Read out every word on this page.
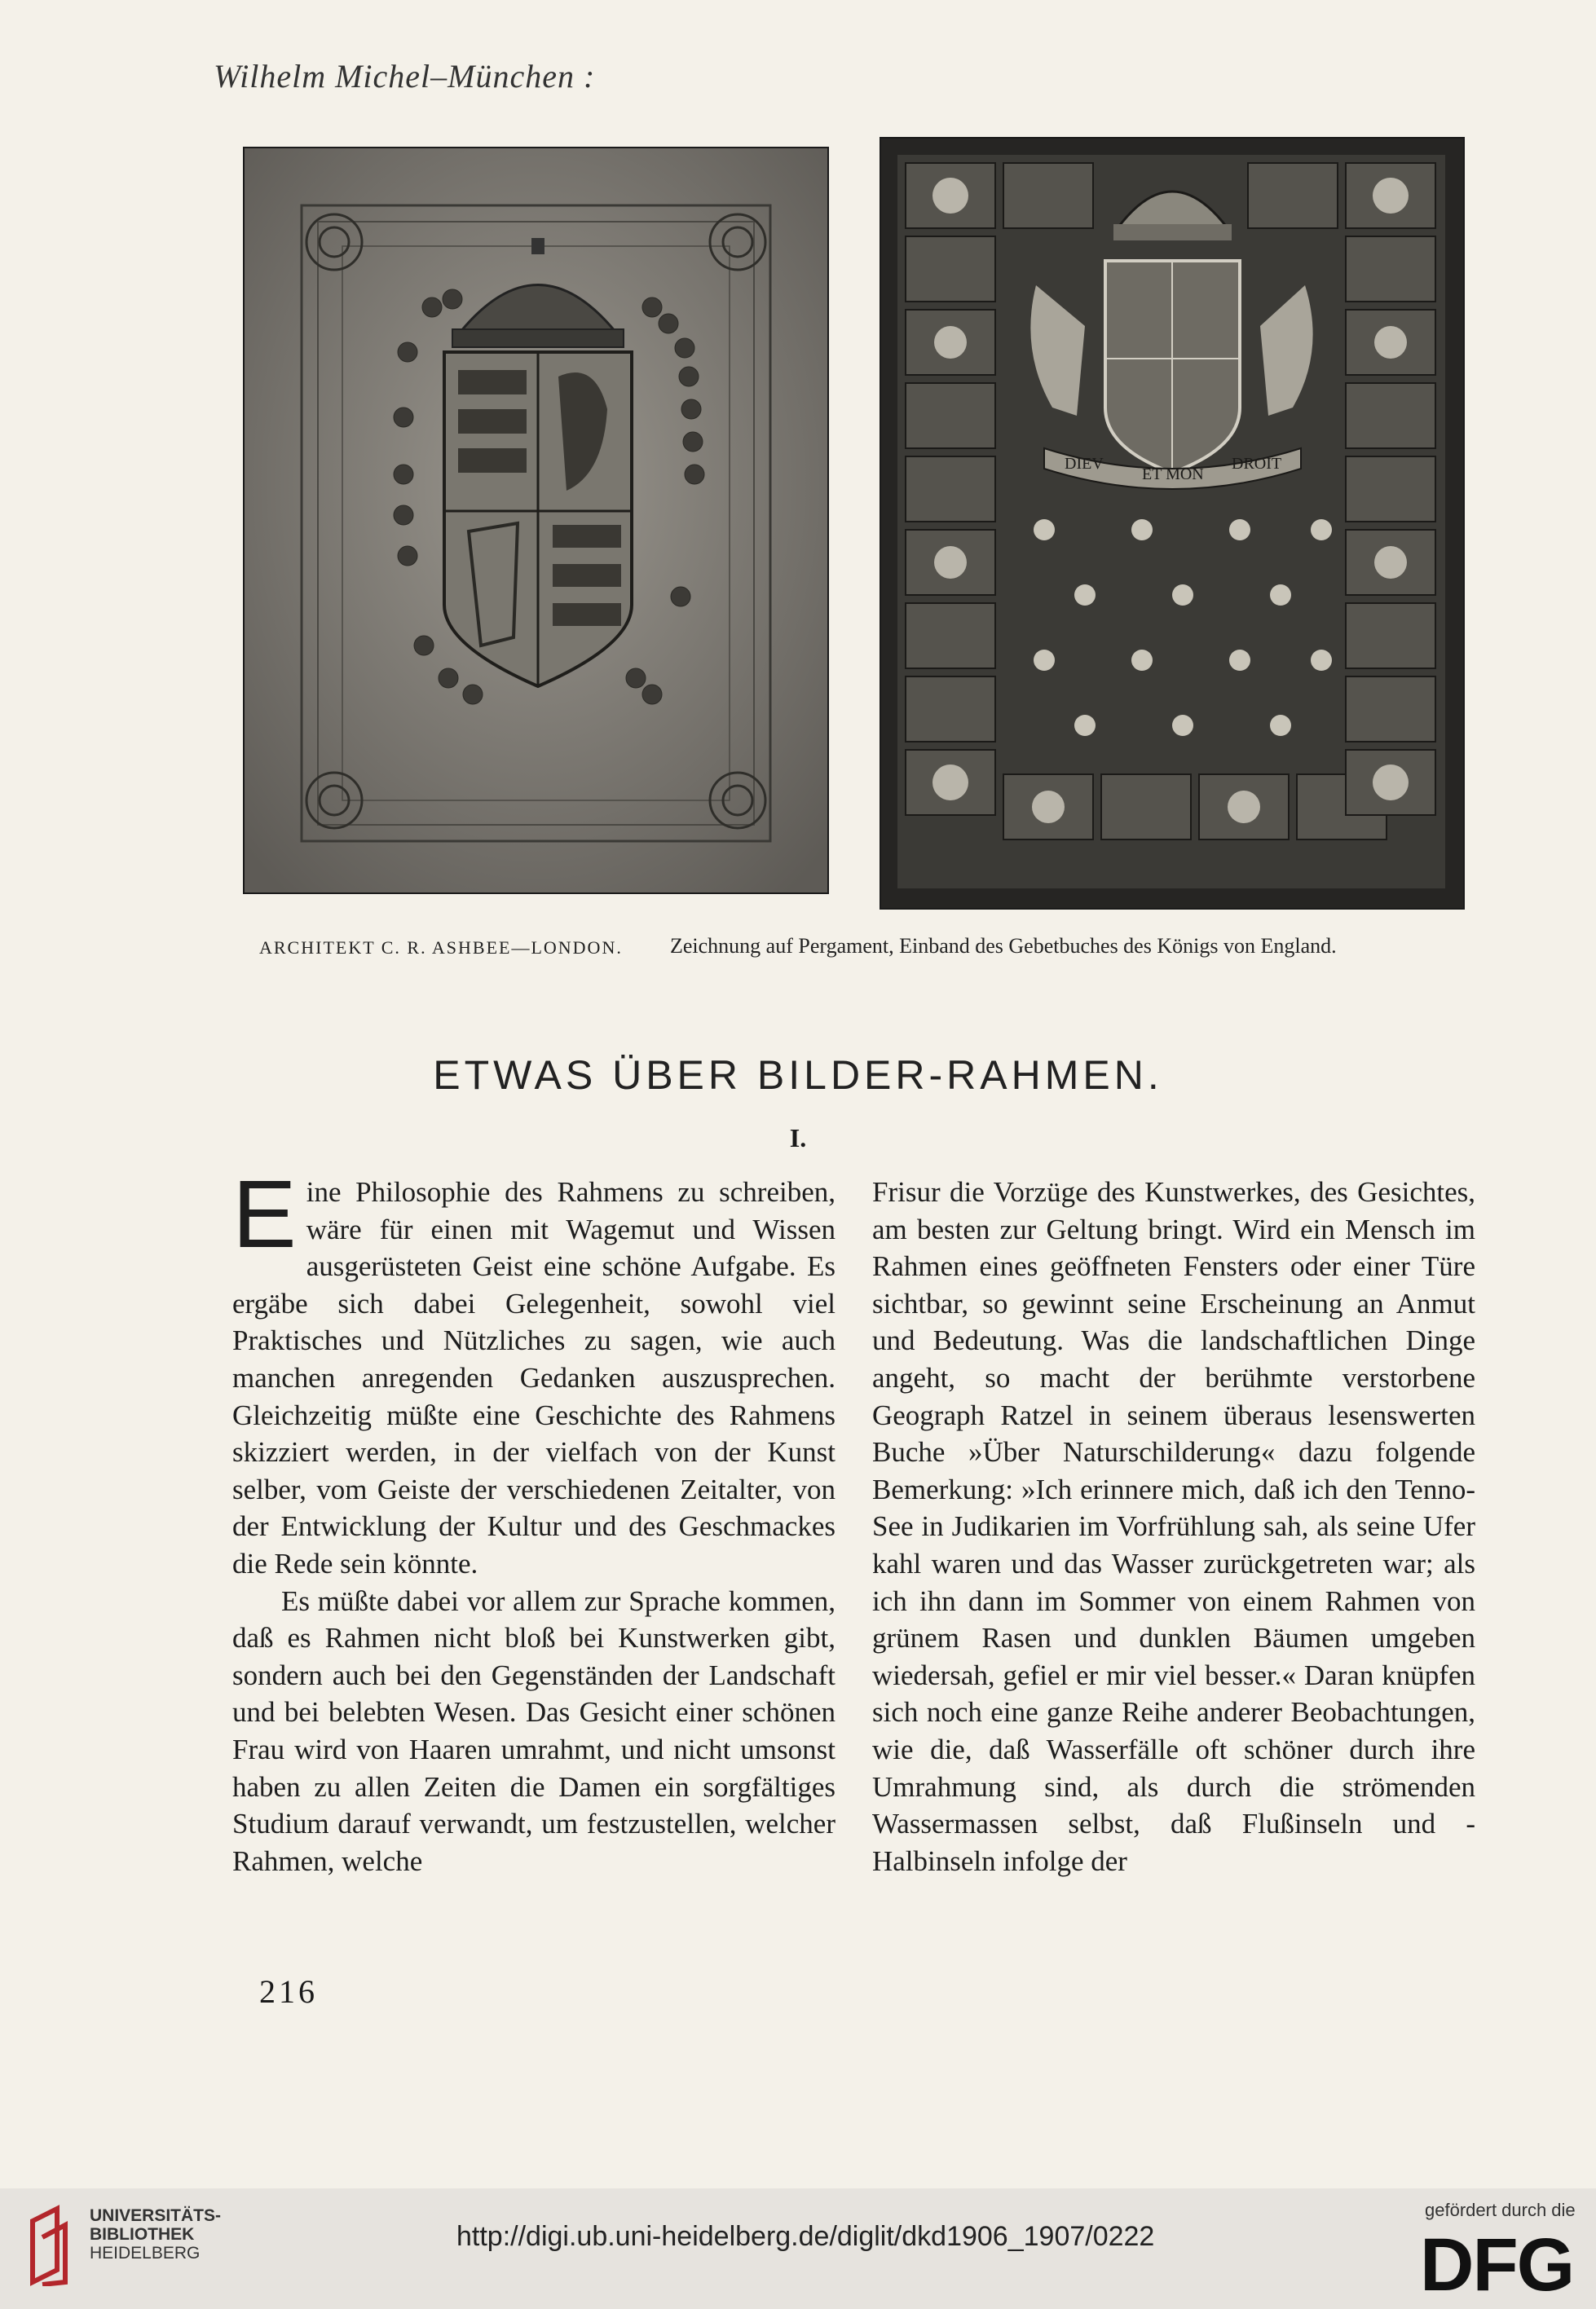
Wilhelm Michel–München :
DIEV
ET MON
DROIT
ARCHITEKT C. R. ASHBEE—LONDON. Zeichnung auf Pergament, Einband des Gebetbuches des Königs von England.
ETWAS ÜBER BILDER-RAHMEN.
I.

Eine Philosophie des Rahmens zu schreiben, wäre für einen mit Wagemut und Wissen ausgerüsteten Geist eine schöne Aufgabe. Es ergäbe sich dabei Gelegenheit, sowohl viel Praktisches und Nützliches zu sagen, wie auch manchen anregenden Gedanken auszusprechen. Gleichzeitig müßte eine Geschichte des Rahmens skizziert werden, in der vielfach von der Kunst selber, vom Geiste der verschiedenen Zeitalter, von der Entwicklung der Kultur und des Geschmackes die Rede sein könnte.

Es müßte dabei vor allem zur Sprache kommen, daß es Rahmen nicht bloß bei Kunstwerken gibt, sondern auch bei den Gegenständen der Landschaft und bei belebten Wesen. Das Gesicht einer schönen Frau wird von Haaren umrahmt, und nicht umsonst haben zu allen Zeiten die Damen ein sorgfältiges Studium darauf verwandt, um festzustellen, welcher Rahmen, welche

Frisur die Vorzüge des Kunstwerkes, des Gesichtes, am besten zur Geltung bringt. Wird ein Mensch im Rahmen eines geöffneten Fensters oder einer Türe sichtbar, so gewinnt seine Erscheinung an Anmut und Bedeutung. Was die landschaftlichen Dinge angeht, so macht der berühmte verstorbene Geograph Ratzel in seinem überaus lesenswerten Buche »Über Naturschilderung« dazu folgende Bemerkung: »Ich erinnere mich, daß ich den Tenno-See in Judikarien im Vorfrühlung sah, als seine Ufer kahl waren und das Wasser zurückgetreten war; als ich ihn dann im Sommer von einem Rahmen von grünem Rasen und dunklen Bäumen umgeben wiedersah, gefiel er mir viel besser.« Daran knüpfen sich noch eine ganze Reihe anderer Beobachtungen, wie die, daß Wasserfälle oft schöner durch ihre Umrahmung sind, als durch die strömenden Wassermassen selbst, daß Flußinseln und -Halbinseln infolge der

216
UNIVERSITÄTS-
BIBLIOTHEK
HEIDELBERG
http://digi.ub.uni-heidelberg.de/diglit/dkd1906_1907/0222
gefördert durch die
DFG
